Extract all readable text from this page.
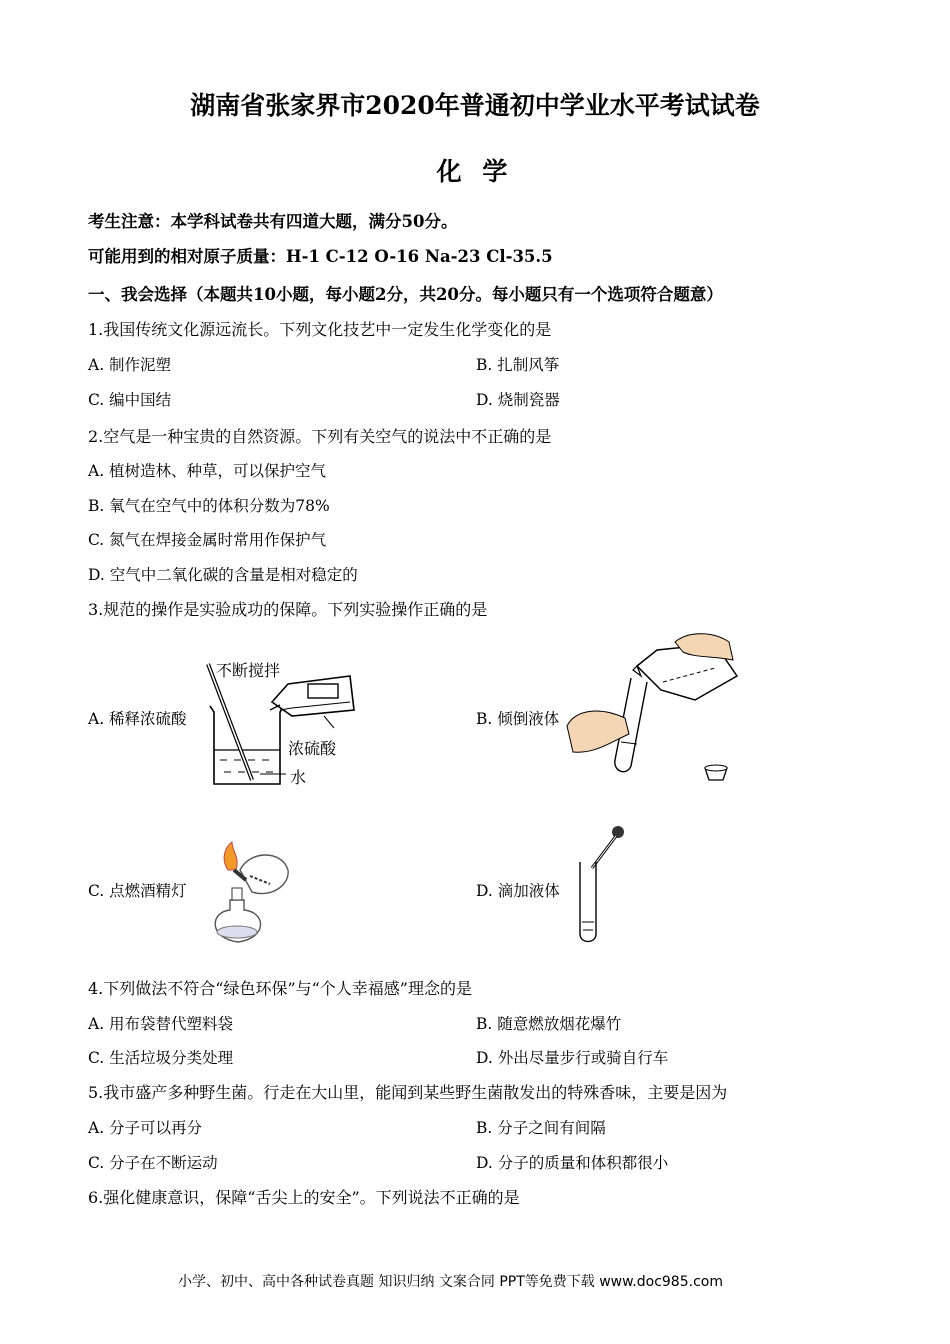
湖南省张家界市2020年普通初中学业水平考试试卷
化 学
考生注意：本学科试卷共有四道大题，满分50分。
可能用到的相对原子质量：H-1 C-12 O-16 Na-23 Cl-35.5
一、我会选择（本题共10小题，每小题2分，共20分。每小题只有一个选项符合题意）
1.我国传统文化源远流长。下列文化技艺中一定发生化学变化的是
A. 制作泥塑	B. 扎制风筝
C. 编中国结	D. 烧制瓷器
2.空气是一种宝贵的自然资源。下列有关空气的说法中不正确的是
A. 植树造林、种草，可以保护空气
B. 氧气在空气中的体积分数为78%
C. 氮气在焊接金属时常用作保护气
D. 空气中二氧化碳的含量是相对稳定的
3.规范的操作是实验成功的保障。下列实验操作正确的是
A. 稀释浓硫酸	B. 倾倒液体
C. 点燃酒精灯	D. 滴加液体
不断搅拌
浓硫酸
水
4.下列做法不符合“绿色环保”与“个人幸福感”理念的是
A. 用布袋替代塑料袋	B. 随意燃放烟花爆竹
C. 生活垃圾分类处理	D. 外出尽量步行或骑自行车
5.我市盛产多种野生菌。行走在大山里，能闻到某些野生菌散发出的特殊香味，主要是因为
A. 分子可以再分	B. 分子之间有间隔
C. 分子在不断运动	D. 分子的质量和体积都很小
6.强化健康意识，保障“舌尖上的安全”。下列说法不正确的是
小学、初中、高中各种试卷真题 知识归纳 文案合同 PPT等免费下载 www.doc985.com
